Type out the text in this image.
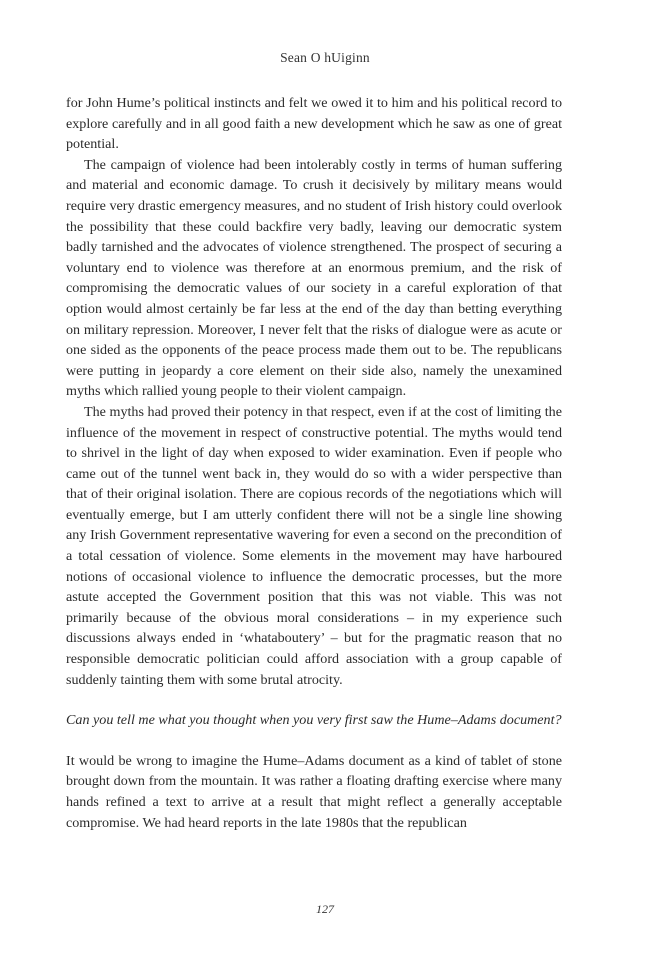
Sean O hUiginn

for John Hume’s political instincts and felt we owed it to him and his political record to explore carefully and in all good faith a new development which he saw as one of great potential.

The campaign of violence had been intolerably costly in terms of human suffering and material and economic damage. To crush it decisively by military means would require very drastic emergency measures, and no student of Irish history could overlook the possibility that these could backfire very badly, leaving our democratic system badly tarnished and the advocates of violence strengthened. The prospect of securing a voluntary end to violence was therefore at an enormous premium, and the risk of compromising the democratic values of our society in a careful exploration of that option would almost certainly be far less at the end of the day than betting everything on military repression. Moreover, I never felt that the risks of dialogue were as acute or one sided as the opponents of the peace process made them out to be. The republicans were putting in jeopardy a core element on their side also, namely the unexamined myths which rallied young people to their violent campaign.

The myths had proved their potency in that respect, even if at the cost of limiting the influence of the movement in respect of constructive potential. The myths would tend to shrivel in the light of day when exposed to wider examination. Even if people who came out of the tunnel went back in, they would do so with a wider perspective than that of their original isolation. There are copious records of the negotiations which will eventually emerge, but I am utterly confident there will not be a single line showing any Irish Government representative wavering for even a second on the precondition of a total cessation of violence. Some elements in the movement may have harboured notions of occasional violence to influence the democratic processes, but the more astute accepted the Government position that this was not viable. This was not primarily because of the obvious moral considerations – in my experience such discussions always ended in ‘whataboutery’ – but for the pragmatic reason that no responsible democratic politician could afford association with a group capable of suddenly tainting them with some brutal atrocity.

Can you tell me what you thought when you very first saw the Hume–Adams document?

It would be wrong to imagine the Hume–Adams document as a kind of tablet of stone brought down from the mountain. It was rather a floating drafting exercise where many hands refined a text to arrive at a result that might reflect a generally acceptable compromise. We had heard reports in the late 1980s that the republican

127
